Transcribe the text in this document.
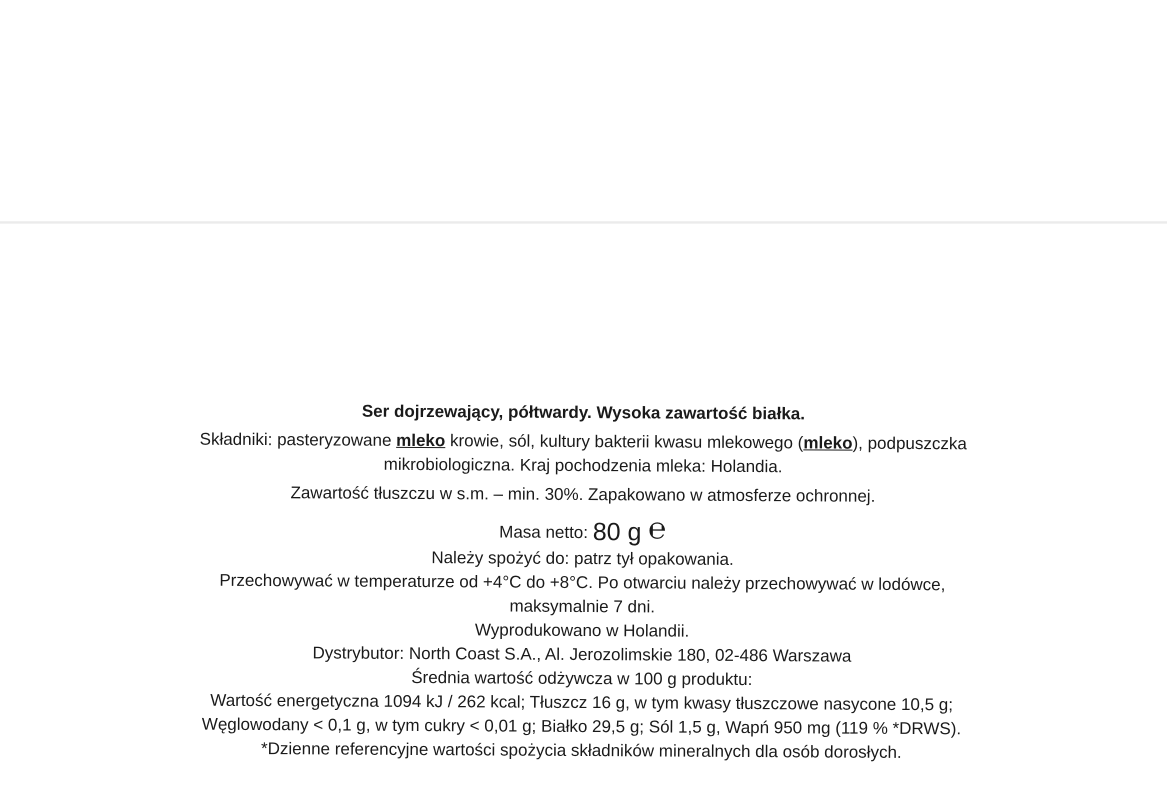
Ser dojrzewający, półtwardy. Wysoka zawartość białka.
Składniki: pasteryzowane mleko krowie, sól, kultury bakterii kwasu mlekowego (mleko), podpuszczka
mikrobiologiczna. Kraj pochodzenia mleka: Holandia.
Zawartość tłuszczu w s.m. – min. 30%. Zapakowano w atmosferze ochronnej.
Masa netto: 80 g ℮
Należy spożyć do: patrz tył opakowania.
Przechowywać w temperaturze od +4°C do +8°C. Po otwarciu należy przechowywać w lodówce,
maksymalnie 7 dni.
Wyprodukowano w Holandii.
Dystrybutor: North Coast S.A., Al. Jerozolimskie 180, 02-486 Warszawa
Średnia wartość odżywcza w 100 g produktu:
Wartość energetyczna 1094 kJ / 262 kcal; Tłuszcz 16 g, w tym kwasy tłuszczowe nasycone 10,5 g;
Węglowodany < 0,1 g, w tym cukry < 0,01 g; Białko 29,5 g; Sól 1,5 g, Wapń 950 mg (119 % *DRWS).
*Dzienne referencyjne wartości spożycia składników mineralnych dla osób dorosłych.
